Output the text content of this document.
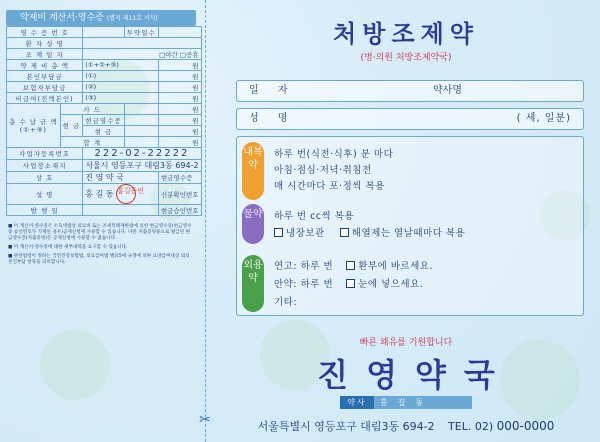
약제비 계산서·영수증 (별지 제11호 서식)
영 수 증 번 호			투약일수	
환 자 성 명				
조 제 일 자		□야간 □공휴		
약 제 비 총 액		(①+②+③)		원
본인부담금		(①)		원
보험자부담금		(②)		원
비급여(전액본인)		(③)		원

총 수 납 금 액
(①+③)	카 드			원
	현 금	현금영수증		원
		현 금		원
	합 계			원
사업자등록번호		222-02-22222		
사업장소재지		서울시 영등포구 대림3동 694-2		
상 호		진 영 약 국		현금영수증
성 명		홍 길 동 홍길동인		신분확인번호
발 행 일				현금승인번호

■ 이 계산서·영수증은 소득세법상 의료비 또는 조세특례제한법에 의한 현금영수증(현금영수증 승인번호가 기재된 경우)공제신청에 사용할 수 있습니다. 다만 지출증빙용으로 발급된 현금영수증(지출증빙)은 공제신청에 사용할 수 없습니다.

■ 이 계산서·영수증에 대한 세부내역을 요구할 수 있습니다.

■ 관련법령이 정하는 국민건강보험법, 의료급여법 별표5에 규정에 의한 요양급여대상 외의 본인부담 항목을 의미합니다.

✂
처방조제약
(병·의원 처방조제약국)
일 자	약사명
성 명	( 세, 일분)
내복약
하루 번(식전·식후) 분 마다
아침·점심·저녁·취침전
매 시간마다 포·정씩 복용
물약 하루 번 cc씩 복용
냉장보관	해열제는 열날때마다 복용
외용약
연고: 하루 번	환부에 바르세요.
안약: 하루 번	눈에 넣으세요.
기타:
빠른 쾌유를 기원합니다
진영약국
약사	홍길동
서울특별시 영등포구 대림3동 694-2 TEL. 02) 000-0000
